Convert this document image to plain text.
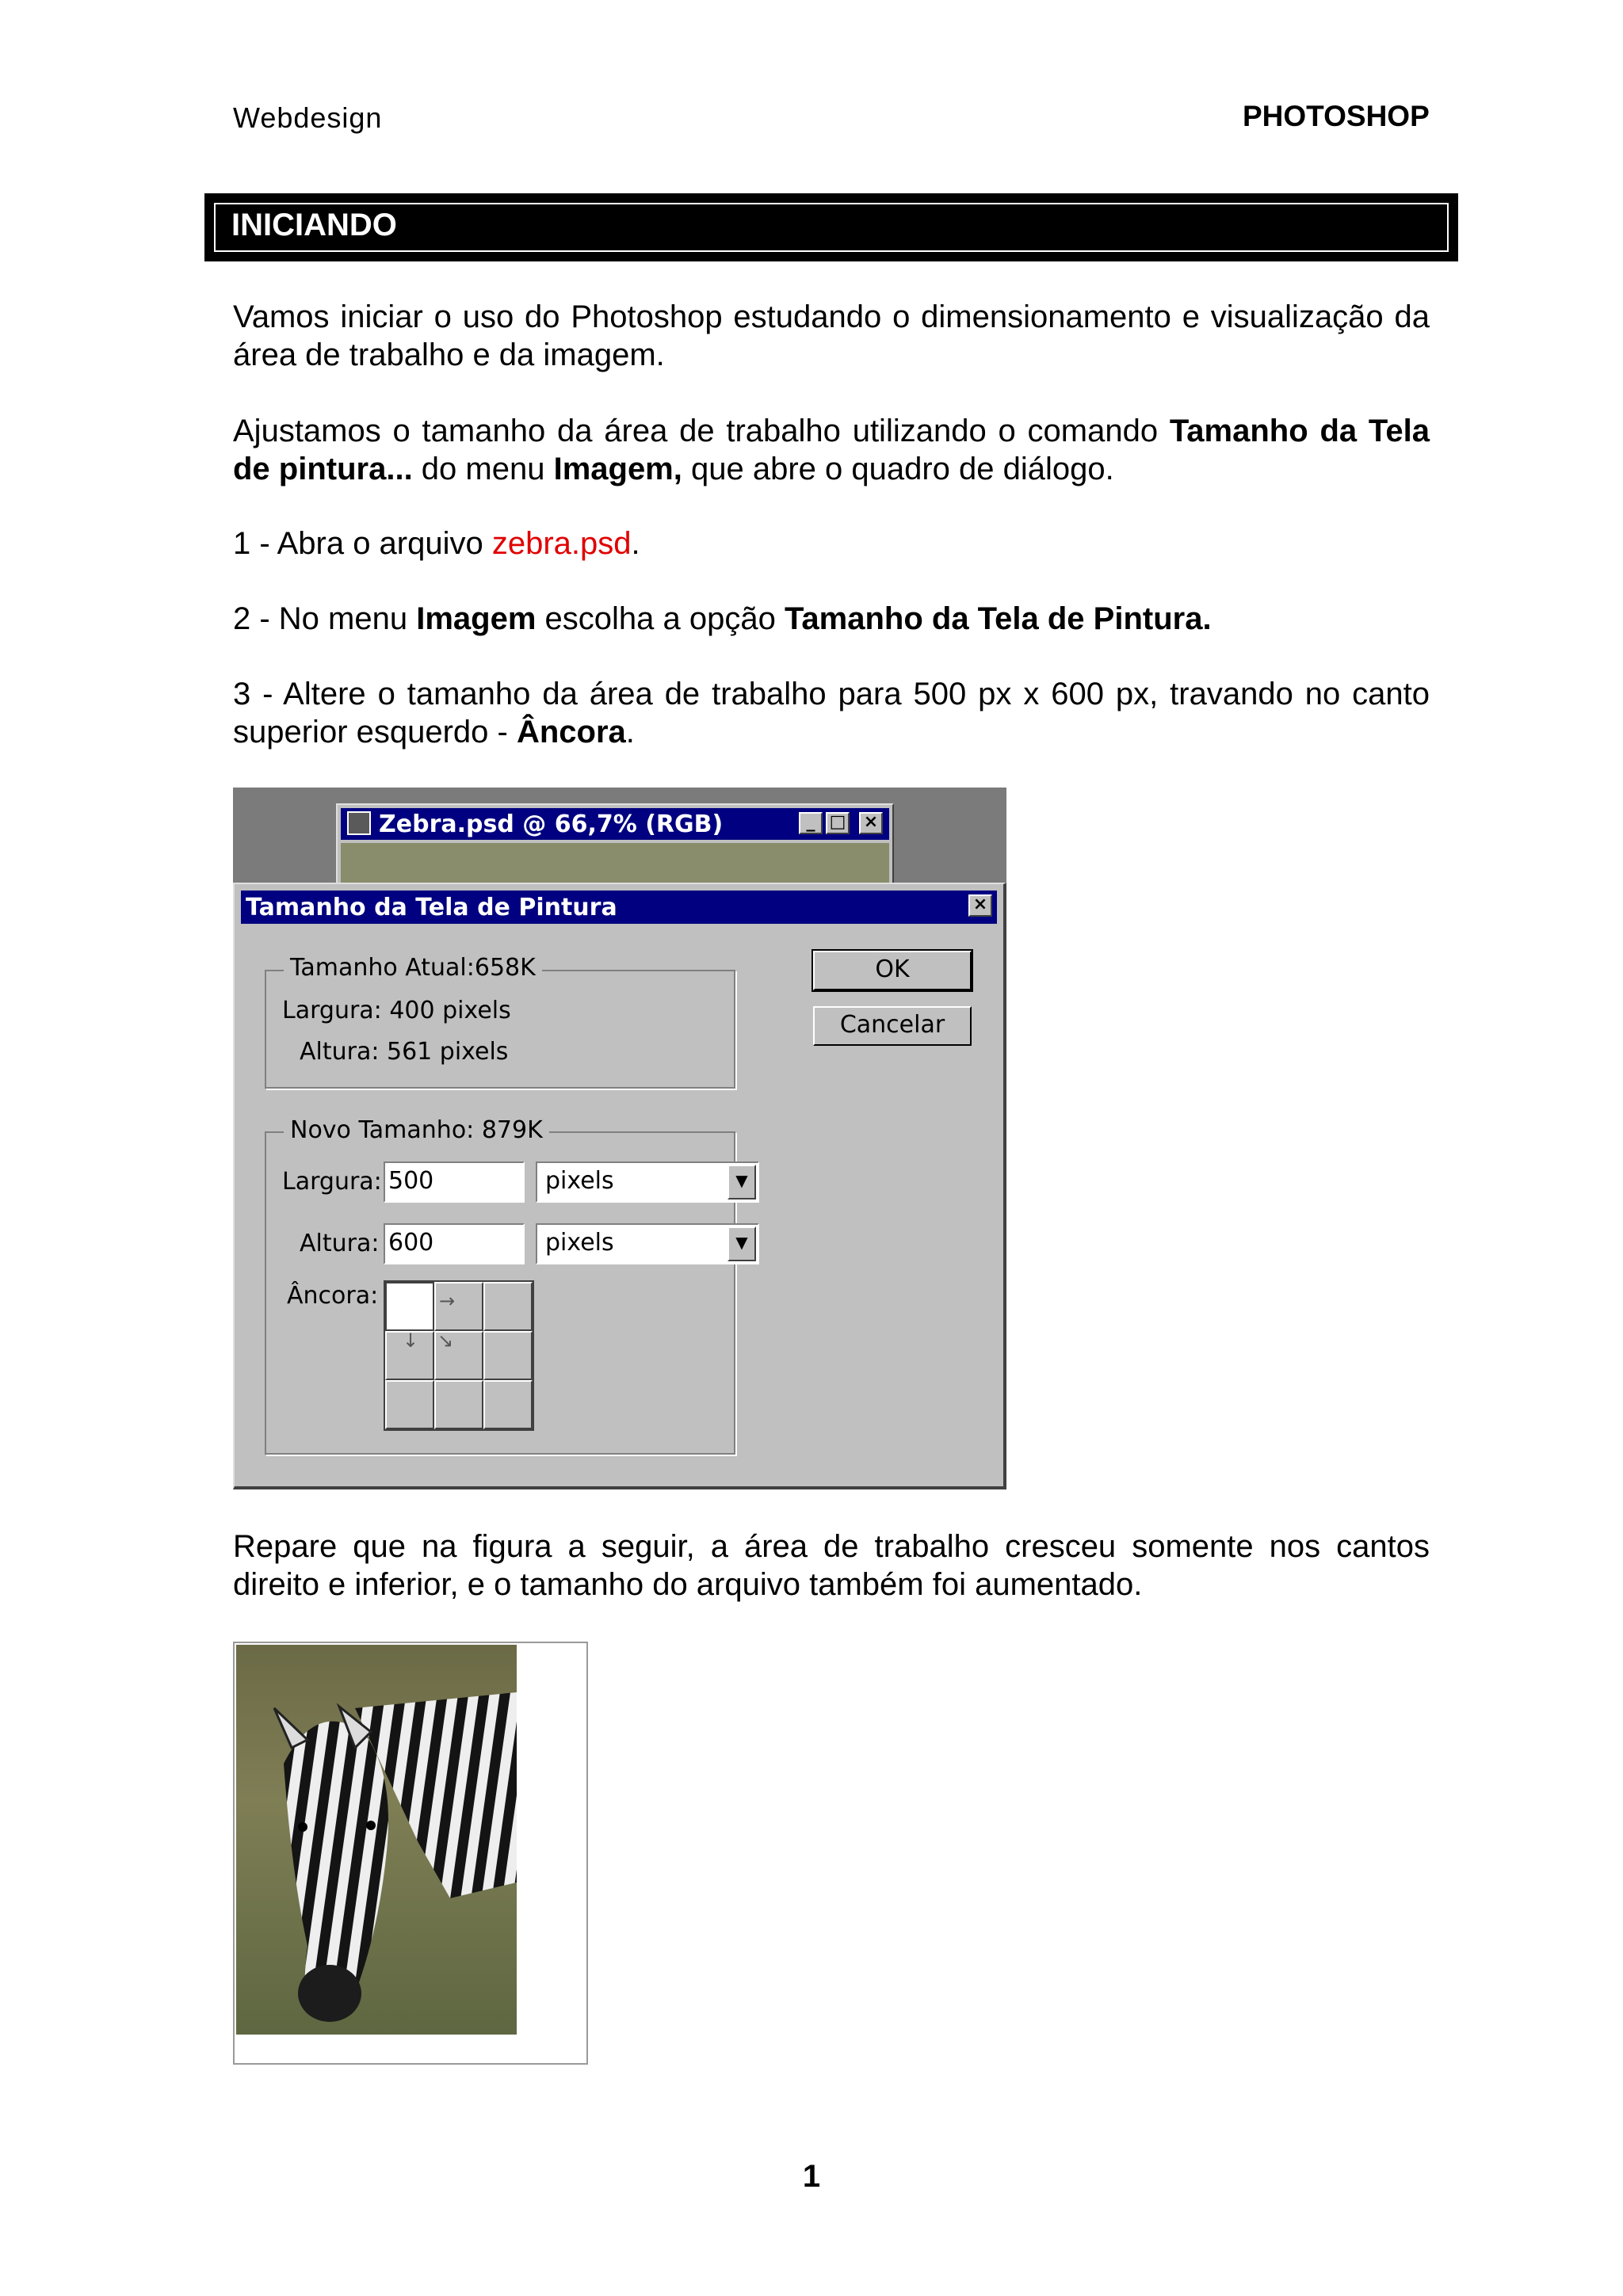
Webdesign	PHOTOSHOP
INICIANDO
Vamos iniciar o uso do Photoshop estudando o dimensionamento e visualização da área de trabalho e da imagem.
Ajustamos o tamanho da área de trabalho utilizando o comando Tamanho da Tela de pintura... do menu Imagem, que abre o quadro de diálogo.
1 - Abra o arquivo zebra.psd.
2 - No menu Imagem escolha a opção Tamanho da Tela de Pintura.
3 - Altere o tamanho da área de trabalho para 500 px x 600 px, travando no canto superior esquerdo - Âncora.
Zebra.psd @ 66,7% (RGB)	_ □ ×
Tamanho da Tela de Pintura	×
Tamanho Atual:658K
Largura: 400 pixels
Altura: 561 pixels
OK
Cancelar
Novo Tamanho: 879K
Largura: 500	pixels	▼
Altura: 600	pixels	▼
Âncora:	→
↓ ↘
Repare que na figura a seguir, a área de trabalho cresceu somente nos cantos direito e inferior, e o tamanho do arquivo também foi aumentado.
1
